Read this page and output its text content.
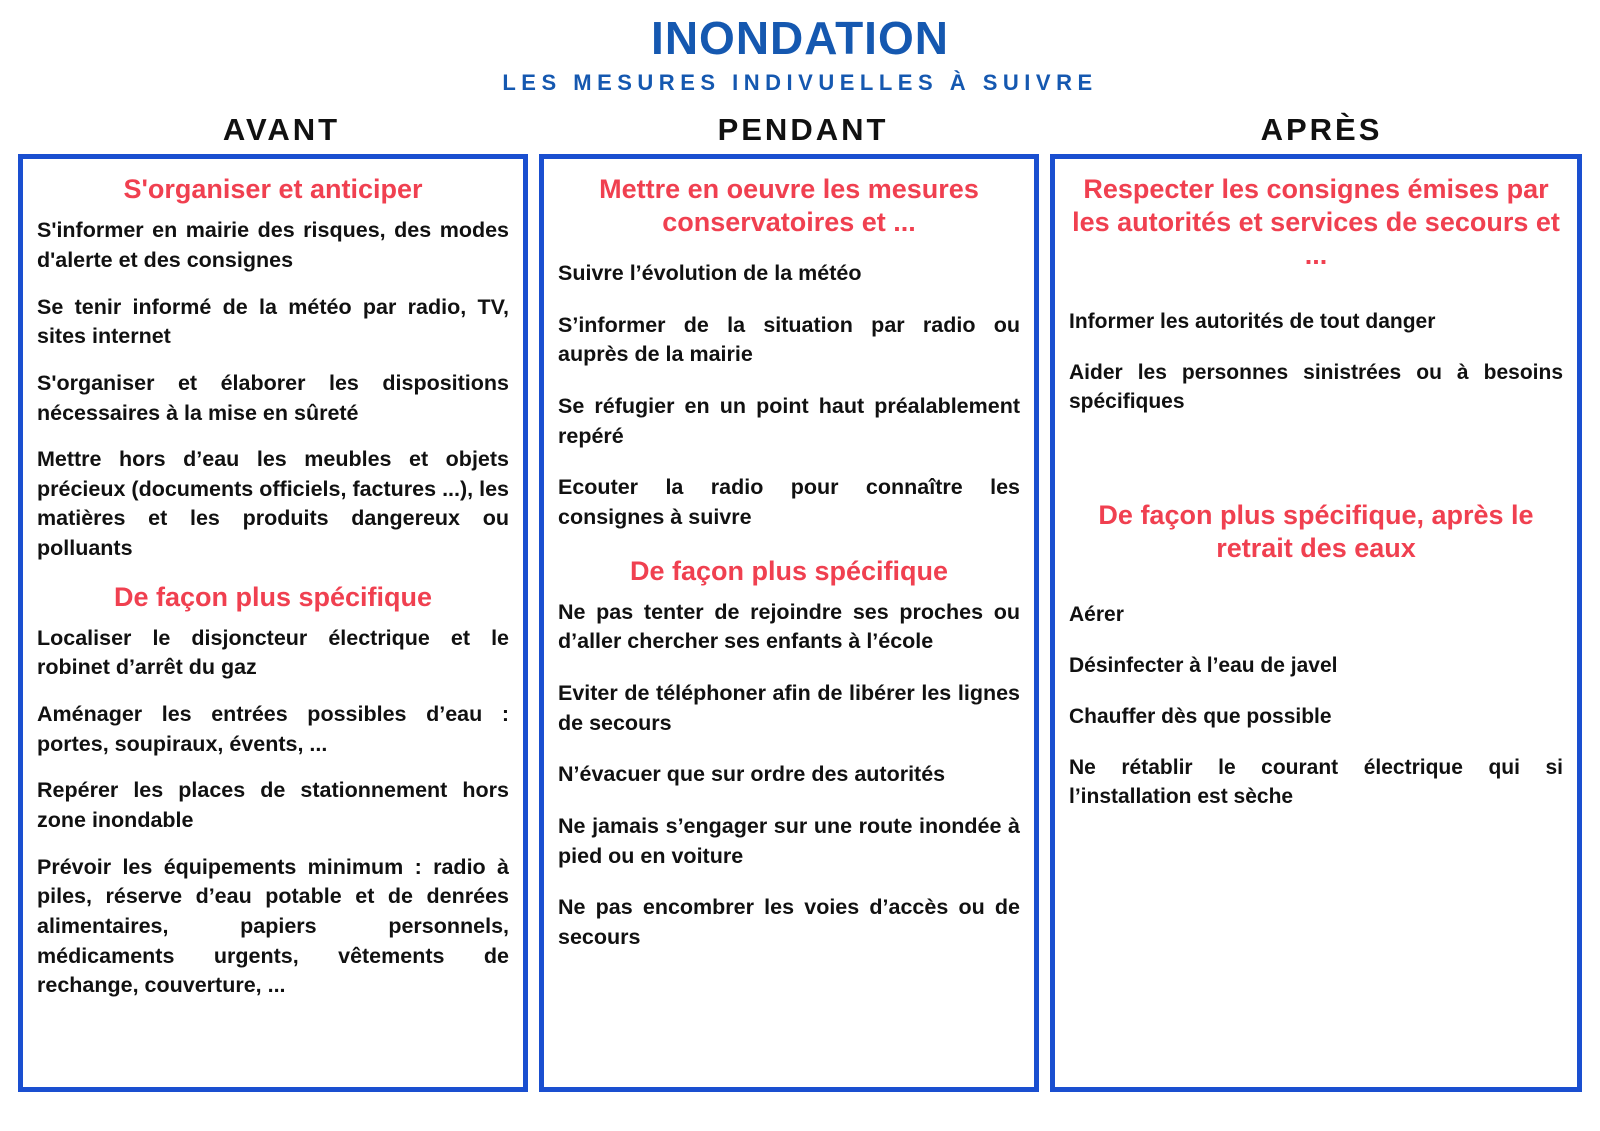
INONDATION
LES MESURES INDIVUELLES À SUIVRE
AVANT	PENDANT	APRÈS
S'organiser et anticiper
S'informer en mairie des risques, des modes d'alerte et des consignes
Se tenir informé de la météo par radio, TV, sites internet
S'organiser et élaborer les dispositions nécessaires à la mise en sûreté
Mettre hors d’eau les meubles et objets précieux (documents officiels, factures ...), les matières et les produits dangereux ou polluants
De façon plus spécifique
Localiser le disjoncteur électrique et le robinet d’arrêt du gaz
Aménager les entrées possibles d’eau : portes, soupiraux, évents, ...
Repérer les places de stationnement hors zone inondable
Prévoir les équipements minimum : radio à piles, réserve d’eau potable et de denrées alimentaires, papiers personnels, médicaments urgents, vêtements de rechange, couverture, ...
Mettre en oeuvre les mesures conservatoires et ...
Suivre l’évolution de la météo
S’informer de la situation par radio ou auprès de la mairie
Se réfugier en un point haut préalablement repéré
Ecouter la radio pour connaître les consignes à suivre
De façon plus spécifique
Ne pas tenter de rejoindre ses proches ou d’aller chercher ses enfants à l’école
Eviter de téléphoner afin de libérer les lignes de secours
N’évacuer que sur ordre des autorités
Ne jamais s’engager sur une route inondée à pied ou en voiture
Ne pas encombrer les voies d’accès ou de secours
Respecter les consignes émises par les autorités et services de secours et ...
Informer les autorités de tout danger
Aider les personnes sinistrées ou à besoins spécifiques
De façon plus spécifique, après le retrait des eaux
Aérer
Désinfecter à l’eau de javel
Chauffer dès que possible
Ne rétablir le courant électrique qui si l’installation est sèche
